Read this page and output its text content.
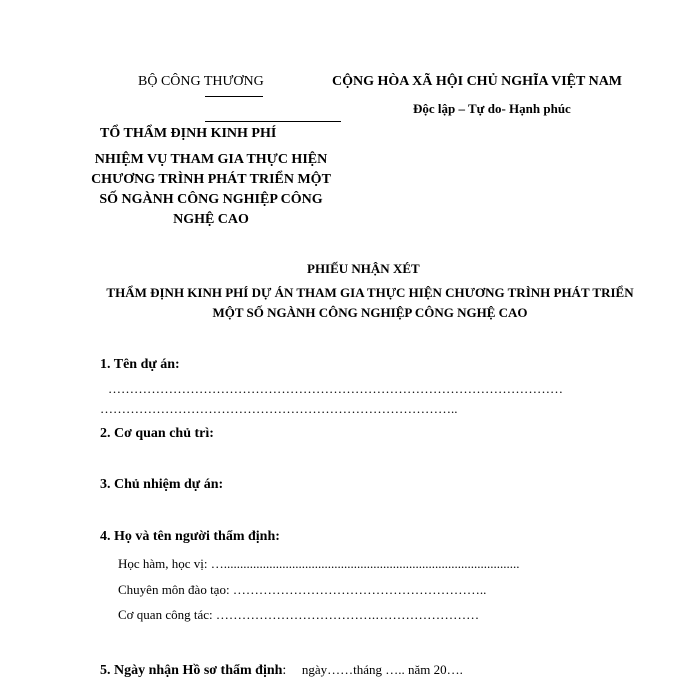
BỘ CÔNG THƯƠNG	CỘNG HÒA XÃ HỘI CHỦ NGHĨA VIỆT NAM
Độc lập – Tự do- Hạnh phúc
TỔ THẨM ĐỊNH KINH PHÍ
NHIỆM VỤ THAM GIA THỰC HIỆN
CHƯƠNG TRÌNH PHÁT TRIỂN MỘT
SỐ NGÀNH CÔNG NGHIỆP CÔNG
NGHỆ CAO
PHIẾU NHẬN XÉT
THẨM ĐỊNH KINH PHÍ DỰ ÁN THAM GIA THỰC HIỆN CHƯƠNG TRÌNH PHÁT TRIỂN
MỘT SỐ NGÀNH CÔNG NGHIỆP CÔNG NGHỆ CAO
1. Tên dự án:
……………………………………………………………………………………………
………………………………………………………………………..
2. Cơ quan chủ trì:
3. Chủ nhiệm dự án:
4. Họ và tên người thẩm định:
Học hàm, học vị: …...........................................................................................
Chuyên môn đào tạo: …………………………………………………..
Cơ quan công tác: ……………………………….……………………
5. Ngày nhận Hồ sơ thẩm định: ngày……tháng ….. năm 20….
